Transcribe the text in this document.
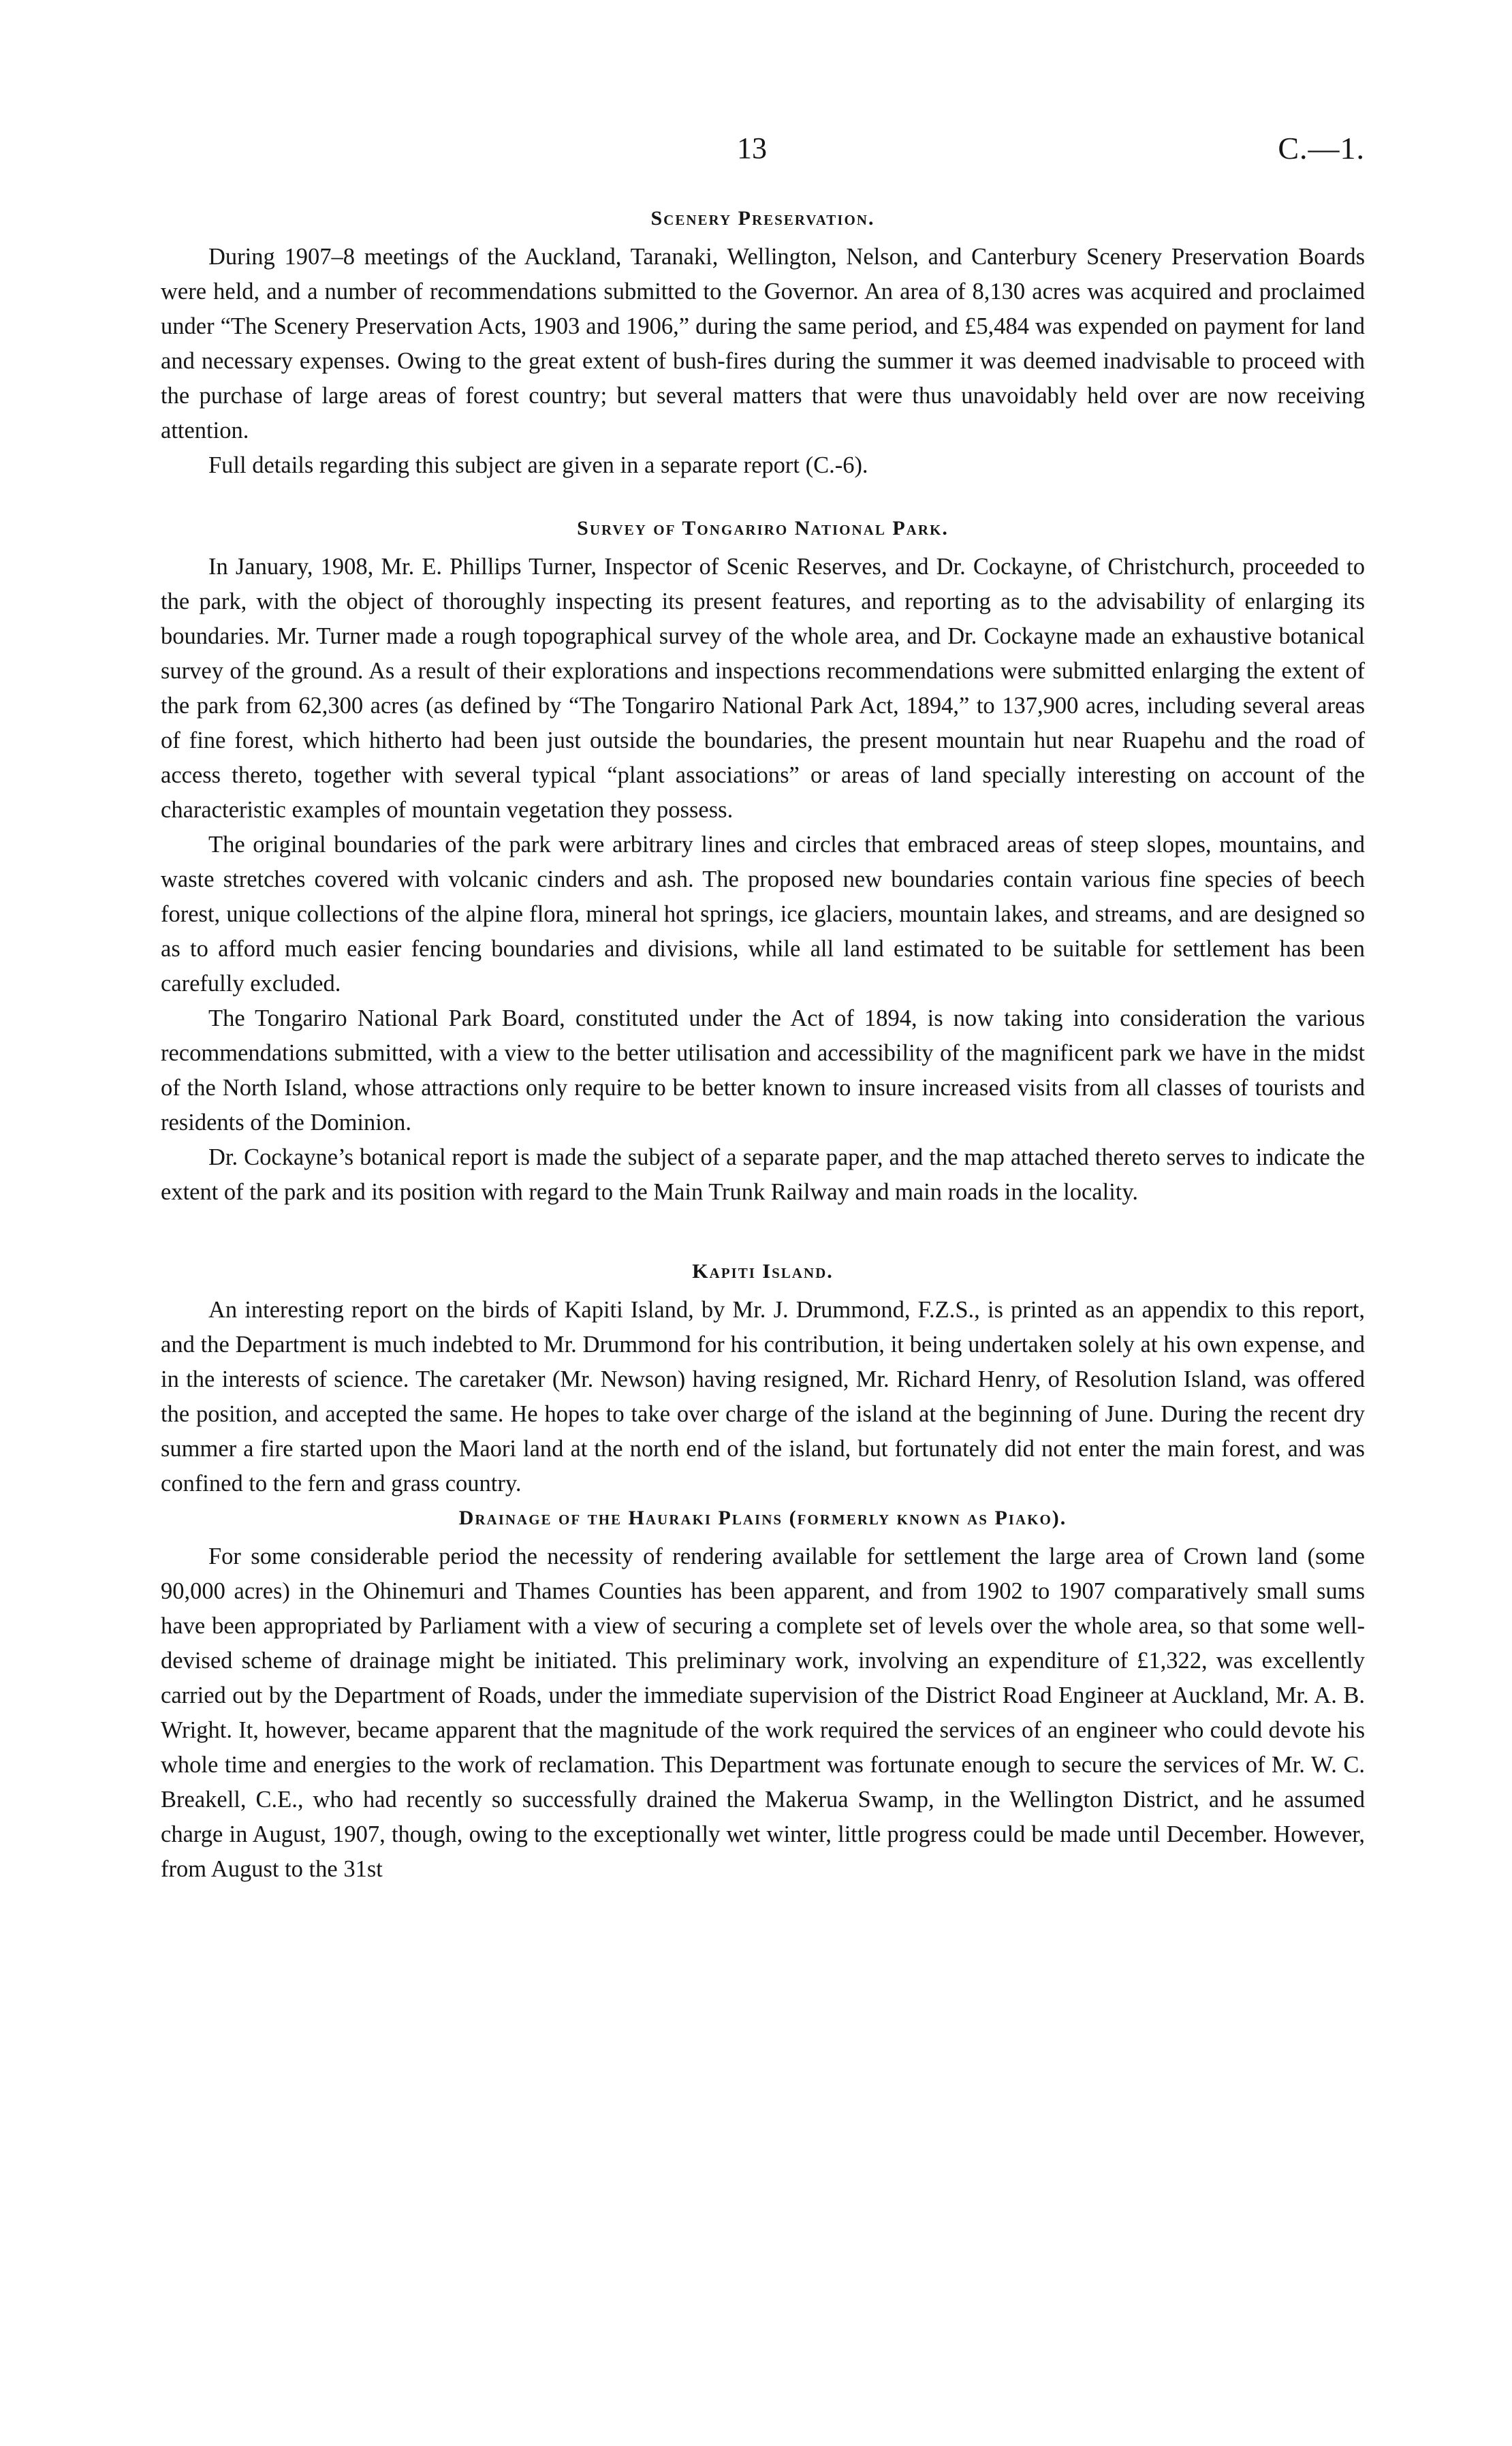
13	C.—1.
Scenery Preservation.

During 1907–8 meetings of the Auckland, Taranaki, Wellington, Nelson, and Canterbury Scenery Preservation Boards were held, and a number of recommendations submitted to the Governor. An area of 8,130 acres was acquired and proclaimed under “The Scenery Preservation Acts, 1903 and 1906,” during the same period, and £5,484 was expended on payment for land and necessary expenses. Owing to the great extent of bush-fires during the summer it was deemed inadvisable to proceed with the purchase of large areas of forest country; but several matters that were thus unavoidably held over are now receiving attention.

Full details regarding this subject are given in a separate report (C.-6).

Survey of Tongariro National Park.

In January, 1908, Mr. E. Phillips Turner, Inspector of Scenic Reserves, and Dr. Cockayne, of Christchurch, proceeded to the park, with the object of thoroughly inspecting its present features, and reporting as to the advisability of enlarging its boundaries. Mr. Turner made a rough topographical survey of the whole area, and Dr. Cockayne made an exhaustive botanical survey of the ground. As a result of their explorations and inspections recommendations were submitted enlarging the extent of the park from 62,300 acres (as defined by “The Tongariro National Park Act, 1894,” to 137,900 acres, including several areas of fine forest, which hitherto had been just outside the boundaries, the present mountain hut near Ruapehu and the road of access thereto, together with several typical “plant associations” or areas of land specially interesting on account of the characteristic examples of mountain vegetation they possess.

The original boundaries of the park were arbitrary lines and circles that embraced areas of steep slopes, mountains, and waste stretches covered with volcanic cinders and ash. The proposed new boundaries contain various fine species of beech forest, unique collections of the alpine flora, mineral hot springs, ice glaciers, mountain lakes, and streams, and are designed so as to afford much easier fencing boundaries and divisions, while all land estimated to be suitable for settlement has been carefully excluded.

The Tongariro National Park Board, constituted under the Act of 1894, is now taking into consideration the various recommendations submitted, with a view to the better utilisation and accessibility of the magnificent park we have in the midst of the North Island, whose attractions only require to be better known to insure increased visits from all classes of tourists and residents of the Dominion.

Dr. Cockayne’s botanical report is made the subject of a separate paper, and the map attached thereto serves to indicate the extent of the park and its position with regard to the Main Trunk Railway and main roads in the locality.

Kapiti Island.

An interesting report on the birds of Kapiti Island, by Mr. J. Drummond, F.Z.S., is printed as an appendix to this report, and the Department is much indebted to Mr. Drummond for his contribution, it being undertaken solely at his own expense, and in the interests of science. The caretaker (Mr. Newson) having resigned, Mr. Richard Henry, of Resolution Island, was offered the position, and accepted the same. He hopes to take over charge of the island at the beginning of June. During the recent dry summer a fire started upon the Maori land at the north end of the island, but fortunately did not enter the main forest, and was confined to the fern and grass country.

Drainage of the Hauraki Plains (formerly known as Piako).

For some considerable period the necessity of rendering available for settlement the large area of Crown land (some 90,000 acres) in the Ohinemuri and Thames Counties has been apparent, and from 1902 to 1907 comparatively small sums have been appropriated by Parliament with a view of securing a complete set of levels over the whole area, so that some well-devised scheme of drainage might be initiated. This preliminary work, involving an expenditure of £1,322, was excellently carried out by the Department of Roads, under the immediate supervision of the District Road Engineer at Auckland, Mr. A. B. Wright. It, however, became apparent that the magnitude of the work required the services of an engineer who could devote his whole time and energies to the work of reclamation. This Department was fortunate enough to secure the services of Mr. W. C. Breakell, C.E., who had recently so successfully drained the Makerua Swamp, in the Wellington District, and he assumed charge in August, 1907, though, owing to the exceptionally wet winter, little progress could be made until December. However, from August to the 31st
